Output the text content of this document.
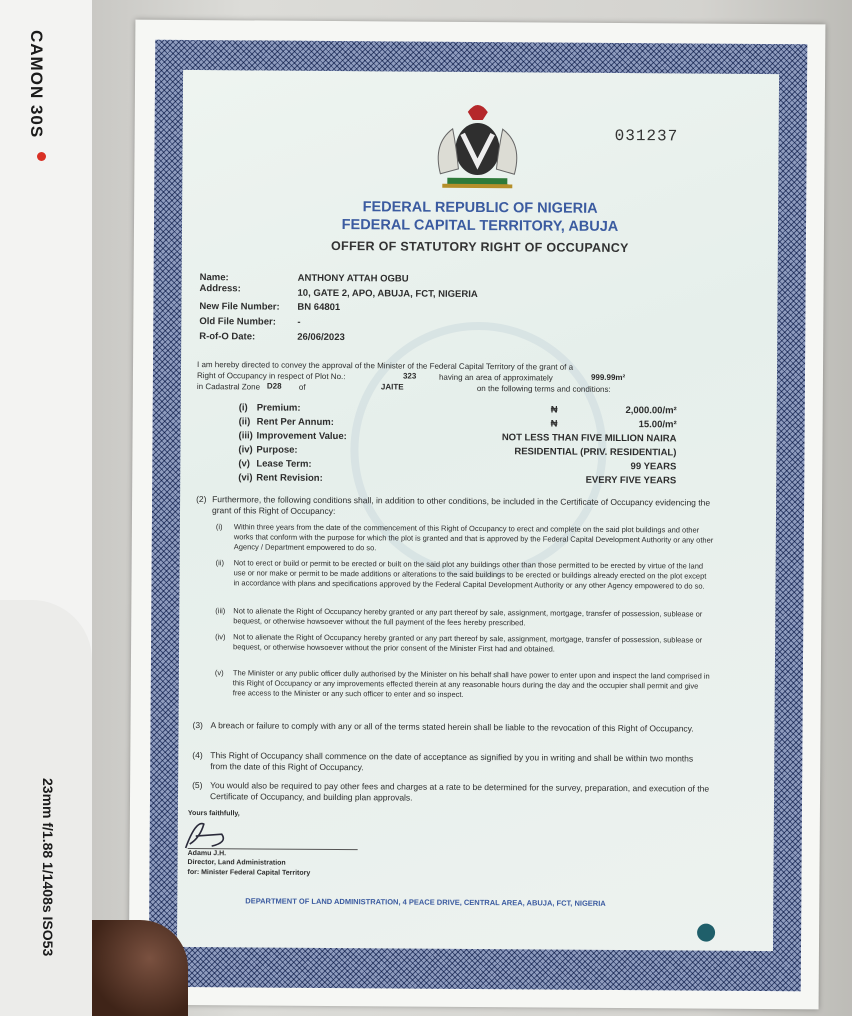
CAMON 30S
23mm f/1.88 1/1408s ISO53
031237
FEDERAL REPUBLIC OF NIGERIA
FEDERAL CAPITAL TERRITORY, ABUJA
OFFER OF STATUTORY RIGHT OF OCCUPANCY
Name:	ANTHONY ATTAH OGBU
Address:	10, GATE 2, APO, ABUJA, FCT, NIGERIA
New File Number: BN 64801
Old File Number: -
R-of-O Date:	26/06/2023
I am hereby directed to convey the approval of the Minister of the Federal Capital Territory of the grant of a
Right of Occupancy in respect of Plot No.:	323	having an area of approximately	999.99m²
in Cadastral Zone D28 of	JAITE	on the following terms and conditions:
(i) Premium:	₦	2,000.00/m²
(ii) Rent Per Annum:	₦	15.00/m²
(iii) Improvement Value:	NOT LESS THAN FIVE MILLION NAIRA
(iv) Purpose:	RESIDENTIAL (PRIV. RESIDENTIAL)
(v) Lease Term:	99 YEARS
(vi) Rent Revision:	EVERY FIVE YEARS
(2) Furthermore, the following conditions shall, in addition to other conditions, be included in the Certificate of Occupancy evidencing the grant of this Right of Occupancy:
(i) Within three years from the date of the commencement of this Right of Occupancy to erect and complete on the said plot buildings and other works that conform with the purpose for which the plot is granted and that is approved by the Federal Capital Development Authority or any other Agency / Department empowered to do so.
(ii) Not to erect or build or permit to be erected or built on the said plot any buildings other than those permitted to be erected by virtue of the land use or nor make or permit to be made additions or alterations to the said buildings to be erected or buildings already erected on the plot except in accordance with plans and specifications approved by the Federal Capital Development Authority or any other Agency empowered to do so.
(iii) Not to alienate the Right of Occupancy hereby granted or any part thereof by sale, assignment, mortgage, transfer of possession, sublease or bequest, or otherwise howsoever without the full payment of the fees hereby prescribed.
(iv) Not to alienate the Right of Occupancy hereby granted or any part thereof by sale, assignment, mortgage, transfer of possession, sublease or bequest, or otherwise howsoever without the prior consent of the Minister First had and obtained.
(v) The Minister or any public officer dully authorised by the Minister on his behalf shall have power to enter upon and inspect the land comprised in this Right of Occupancy or any improvements effected therein at any reasonable hours during the day and the occupier shall permit and give free access to the Minister or any such officer to enter and so inspect.
(3) A breach or failure to comply with any or all of the terms stated herein shall be liable to the revocation of this Right of Occupancy.
(4) This Right of Occupancy shall commence on the date of acceptance as signified by you in writing and shall be within two months from the date of this Right of Occupancy.
(5) You would also be required to pay other fees and charges at a rate to be determined for the survey, preparation, and execution of the Certificate of Occupancy, and building plan approvals.
Yours faithfully,
Adamu J.H.
Director, Land Administration
for: Minister Federal Capital Territory
DEPARTMENT OF LAND ADMINISTRATION, 4 PEACE DRIVE, CENTRAL AREA, ABUJA, FCT, NIGERIA
